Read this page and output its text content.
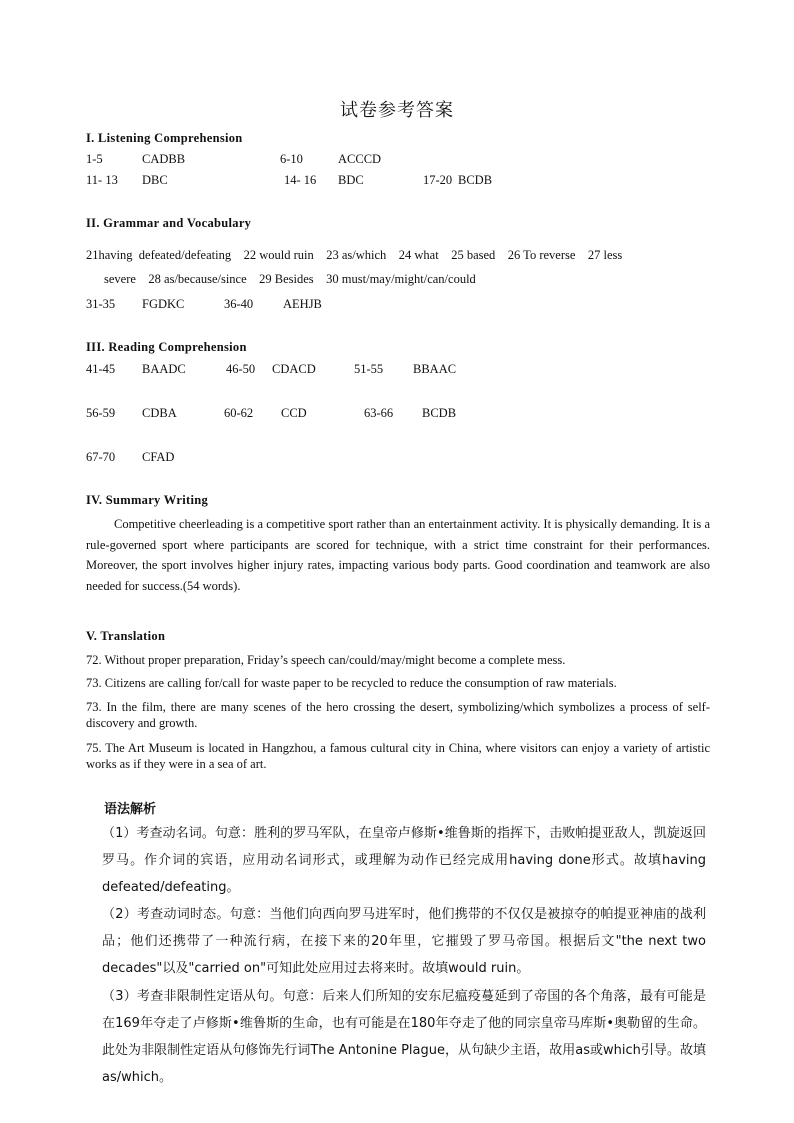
试卷参考答案
I. Listening Comprehension
1-5	CADBB	6-10	ACCCD
11- 13 DBC	14- 16 BDC	17-20 BCDB
II. Grammar and Vocabulary
21having  defeated/defeating    22 would ruin    23 as/which    24 what    25 based    26 To reverse    27 less
severe    28 as/because/since    29 Besides    30 must/may/might/can/could
31-35 FGDKC	36-40 AEHJB
III. Reading Comprehension
41-45 BAADC	46-50 CDACD	51-55 BBAAC
56-59 CDBA	60-62 CCD	63-66 BCDB
67-70 CFAD
IV. Summary Writing
Competitive cheerleading is a competitive sport rather than an entertainment activity. It is physically demanding. It is a rule-governed sport where participants are scored for technique, with a strict time constraint for their performances. Moreover, the sport involves higher injury rates, impacting various body parts. Good coordination and teamwork are also needed for success.(54 words).
V. Translation
72. Without proper preparation, Friday’s speech can/could/may/might become a complete mess.
73. Citizens are calling for/call for waste paper to be recycled to reduce the consumption of raw materials.
73. In the film, there are many scenes of the hero crossing the desert, symbolizing/which symbolizes a process of self-discovery and growth.
75. The Art Museum is located in Hangzhou, a famous cultural city in China, where visitors can enjoy a variety of artistic works as if they were in a sea of art.
语法解析
（1）考查动名词。句意：胜利的罗马军队，在皇帝卢修斯•维鲁斯的指挥下，击败帕提亚敌人，凯旋返回罗马。作介词的宾语，应用动名词形式，或理解为动作已经完成用having done形式。故填having defeated/defeating。
（2）考查动词时态。句意：当他们向西向罗马进军时，他们携带的不仅仅是被掠夺的帕提亚神庙的战利品；他们还携带了一种流行病，在接下来的20年里，它摧毁了罗马帝国。根据后文"the next two decades"以及"carried on"可知此处应用过去将来时。故填would ruin。
（3）考查非限制性定语从句。句意：后来人们所知的安东尼瘟疫蔓延到了帝国的各个角落，最有可能是在169年夺走了卢修斯•维鲁斯的生命，也有可能是在180年夺走了他的同宗皇帝马库斯•奥勒留的生命。此处为非限制性定语从句修饰先行词The Antonine Plague，从句缺少主语，故用as或which引导。故填as/which。
